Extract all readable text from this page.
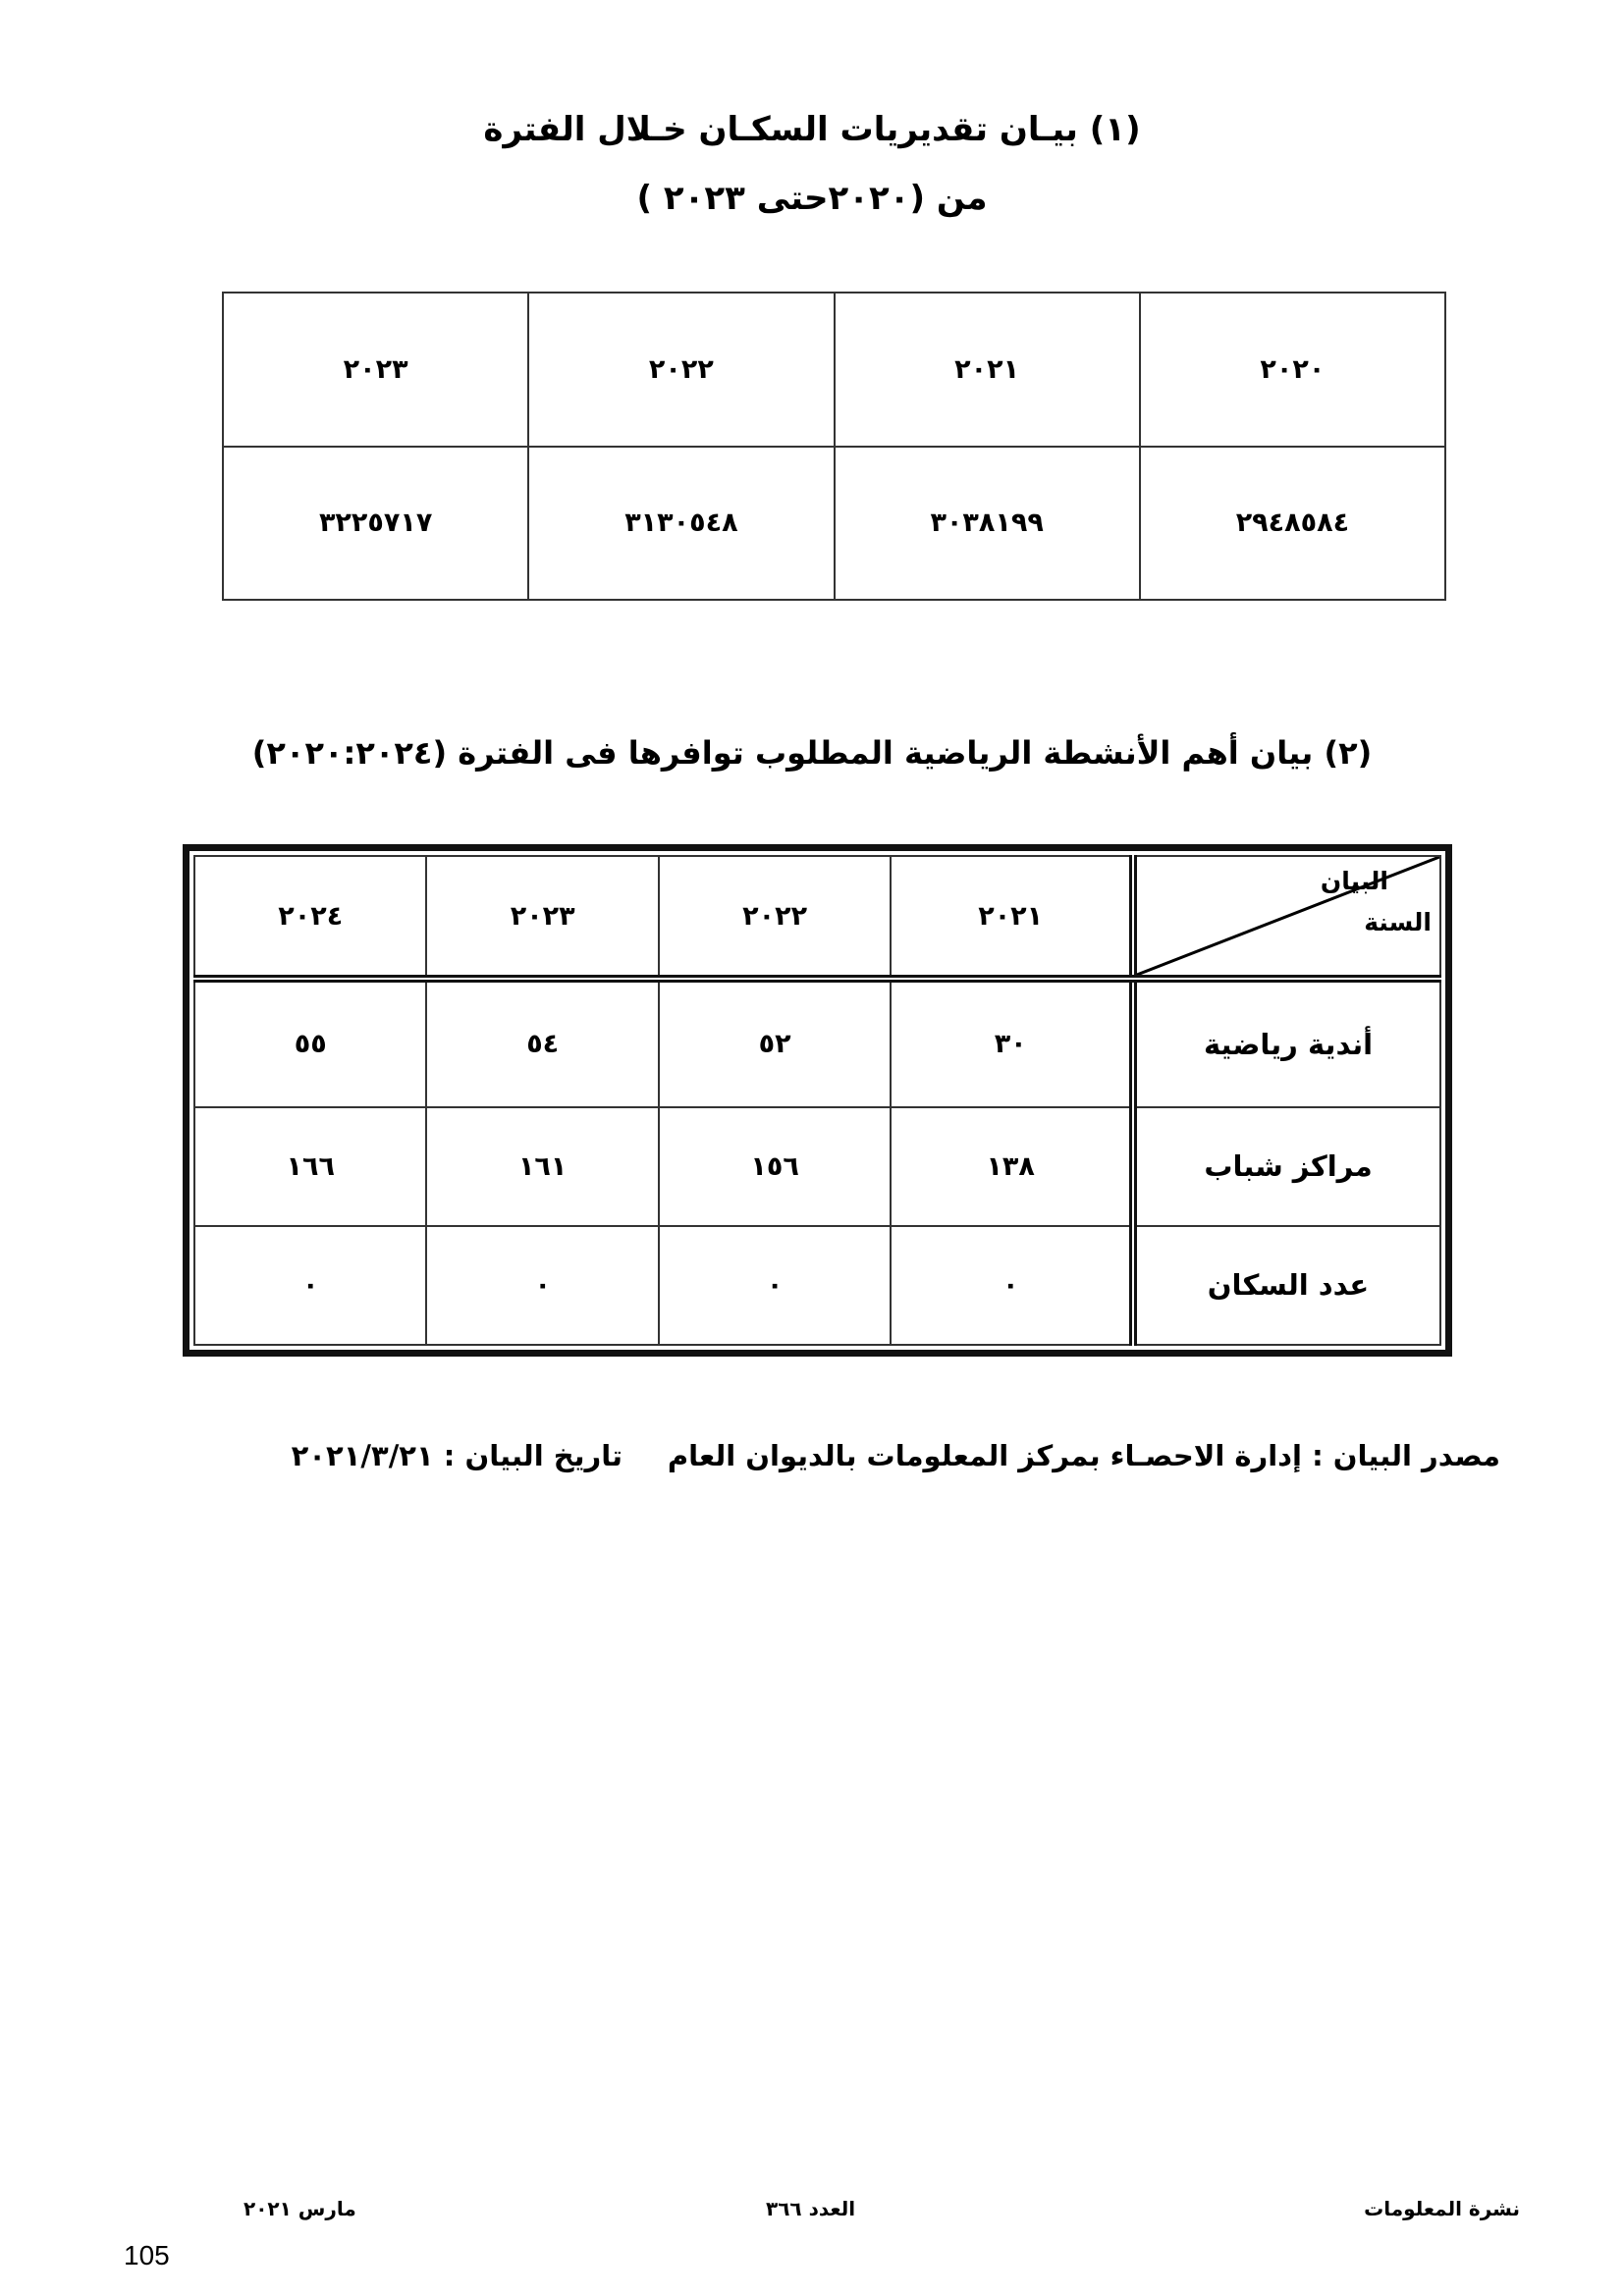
(١) بيـان تقديريات السكـان خـلال الفترة
من (٢٠٢٠حتى ٢٠٢٣ )
٢٠٢٣	٢٠٢٢	٢٠٢١	٢٠٢٠
٣٢٢٥٧١٧	٣١٣٠٥٤٨	٣٠٣٨١٩٩	٢٩٤٨٥٨٤
(٢) بيان أهم الأنشطة الرياضية المطلوب توافرها فى الفترة (٢٠٢٠:٢٠٢٤)
٢٠٢٤	٢٠٢٣	٢٠٢٢	٢٠٢١	البيان
السنة

٥٥	٥٤	٥٢	٣٠	أندية رياضية
١٦٦	١٦١	١٥٦	١٣٨	مراكز شباب
٠	٠	٠	٠	عدد السكان
مصدر البيان : إدارة الاحصـاء بمركز المعلومات بالديوان العام
تاريخ البيان : ٢٠٢١/٣/٢١
نشرة المعلومات
العدد ٣٦٦
مارس ٢٠٢١
105
